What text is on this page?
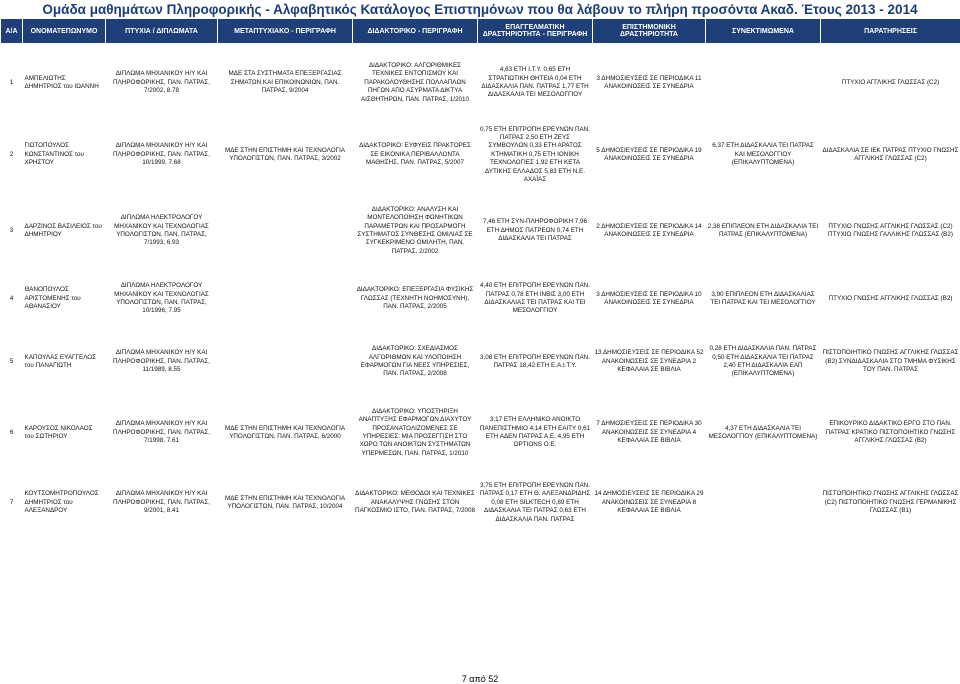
Ομάδα μαθημάτων Πληροφορικής - Αλφαβητικός Κατάλογος Επιστημόνων που θα λάβουν το πλήρη προσόντα Ακαδ. Έτους 2013 - 2014
Α/Α	ΟΝΟΜΑΤΕΠΩΝΥΜΟ	ΠΤΥΧΙΑ / ΔΙΠΛΩΜΑΤΑ	ΜΕΤΑΠΤΥΧΙΑΚΟ - ΠΕΡΙΓΡΑΦΗ	ΔΙΔΑΚΤΟΡΙΚΟ - ΠΕΡΙΓΡΑΦΗ	ΕΠΑΓΓΕΛΜΑΤΙΚΗ ΔΡΑΣΤΗΡΙΟΤΗΤΑ - ΠΕΡΙΓΡΑΦΗ	ΕΠΙΣΤΗΜΟΝΙΚΗ ΔΡΑΣΤΗΡΙΟΤΗΤΑ	ΣΥΝΕΚΤΙΜΩΜΕΝΑ	ΠΑΡΑΤΗΡΗΣΕΙΣ

1	ΑΜΠΕΛΙΩΤΗΣ ΔΗΜΗΤΡΙΟΣ του ΙΩΑΝΝΗ	ΔΙΠΛΩΜΑ ΜΗΧΑΝΙΚΟΥ Η/Υ ΚΑΙ ΠΛΗΡΟΦΟΡΙΚΗΣ, ΠΑΝ. ΠΑΤΡΑΣ, 7/2002, 8.78	ΜΔΕ ΣΤΑ ΣΥΣΤΗΜΑΤΑ ΕΠΕΞΕΡΓΑΣΙΑΣ ΣΗΜΑΤΩΝ ΚΑΙ ΕΠΙΚΟΙΝΩΝΙΩΝ, ΠΑΝ. ΠΑΤΡΑΣ, 9/2004	ΔΙΔΑΚΤΟΡΙΚΟ: ΑΛΓΟΡΙΘΜΙΚΕΣ ΤΕΧΝΙΚΕΣ ΕΝΤΟΠΙΣΜΟΥ ΚΑΙ ΠΑΡΑΚΟΛΟΥΘΗΣΗΣ ΠΟΛΛΑΠΛΩΝ ΠΗΓΩΝ ΑΠΟ ΑΣΥΡΜΑΤΑ ΔΙΚΤΥΑ ΑΙΣΘΗΤΗΡΩΝ, ΠΑΝ. ΠΑΤΡΑΣ, 1/2010	4,63 ΕΤΗ Ι.Τ.Υ. 0,65 ΕΤΗ ΣΤΡΑΤΙΩΤΙΚΗ ΘΗΤΕΙΑ 0,04 ΕΤΗ ΔΙΔΑΣΚΑΛΙΑ ΠΑΝ. ΠΑΤΡΑΣ 1,77 ΕΤΗ ΔΙΔΑΣΚΑΛΙΑ ΤΕΙ ΜΕΣΟΛΟΓΓΙΟΥ	3 ΔΗΜΟΣΙΕΥΣΕΙΣ ΣΕ ΠΕΡΙΟΔΙΚΑ 11 ΑΝΑΚΟΙΝΩΣΕΙΣ ΣΕ ΣΥΝΕΔΡΙΑ		ΠΤΥΧΙΟ ΑΓΓΛΙΚΗΣ ΓΛΩΣΣΑΣ (C2)

2	ΓΙΩΤΟΠΟΥΛΟΣ ΚΩΝΣΤΑΝΤΙΝΟΣ του ΧΡΗΣΤΟΥ	ΔΙΠΛΩΜΑ ΜΗΧΑΝΙΚΟΥ Η/Υ ΚΑΙ ΠΛΗΡΟΦΟΡΙΚΗΣ, ΠΑΝ. ΠΑΤΡΑΣ, 10/1999, 7.68	ΜΔΕ ΣΤΗΝ ΕΠΙΣΤΗΜΗ ΚΑΙ ΤΕΧΝΟΛΟΓΙΑ ΥΠΟΛΟΓΙΣΤΩΝ, ΠΑΝ. ΠΑΤΡΑΣ, 3/2002	ΔΙΔΑΚΤΟΡΙΚΟ: ΕΥΦΥΕΙΣ ΠΡΑΚΤΟΡΕΣ ΣΕ ΕΙΚΟΝΙΚΑ ΠΕΡΙΒΑΛΛΟΝΤΑ ΜΑΘΗΣΗΣ, ΠΑΝ. ΠΑΤΡΑΣ, 5/2007	0,75 ΕΤΗ ΕΠΙΤΡΟΠΗ ΕΡΕΥΝΩΝ ΠΑΝ. ΠΑΤΡΑΣ 2,50 ΕΤΗ ΖΕΥΣ ΣΥΜΒΟΥΛΩΝ 0,33 ΕΤΗ ΑΡΑΤΟΣ ΚΤΗΜΑΤΙΚΗ 0,75 ΕΤΗ ΙΟΝΙΚΗ ΤΕΧΝΟΛΟΓΙΕΣ 1,92 ΕΤΗ ΚΕΤΑ ΔΥΤΙΚΗΣ ΕΛΛΑΔΟΣ 5,83 ΕΤΗ Ν.Ε. ΑΧΑΪΑΣ	5 ΔΗΜΟΣΙΕΥΣΕΙΣ ΣΕ ΠΕΡΙΟΔΙΚΑ 19 ΑΝΑΚΟΙΝΩΣΕΙΣ ΣΕ ΣΥΝΕΔΡΙΑ	6,37 ΕΤΗ ΔΙΔΑΣΚΑΛΙΑ ΤΕΙ ΠΑΤΡΑΣ ΚΑΙ ΜΕΣΟΛΟΓΓΙΟΥ (ΕΠΙΚΑΛΥΠΤΟΜΕΝΑ)	ΔΙΔΑΣΚΑΛΙΑ ΣΕ ΙΕΚ ΠΑΤΡΑΣ ΠΤΥΧΙΟ ΓΝΩΣΗΣ ΑΓΓΛΙΚΗΣ ΓΛΩΣΣΑΣ (C2)

3	ΔΑΡΖΙΝΟΣ ΒΑΣΙΛΕΙΟΣ του ΔΗΜΗΤΡΙΟΥ	ΔΙΠΛΩΜΑ ΗΛΕΚΤΡΟΛΟΓΟΥ ΜΗΧΑΝΙΚΟΥ ΚΑΙ ΤΕΧΝΟΛΟΓΙΑΣ ΥΠΟΛΟΓΙΣΤΩΝ, ΠΑΝ. ΠΑΤΡΑΣ, 7/1993, 6.93		ΔΙΔΑΚΤΟΡΙΚΟ: ΑΝΑΛΥΣΗ ΚΑΙ ΜΟΝΤΕΛΟΠΟΙΗΣΗ ΦΩΝΗΤΙΚΩΝ ΠΑΡΑΜΕΤΡΩΝ ΚΑΙ ΠΡΟΣΑΡΜΟΓΗ ΣΥΣΤΗΜΑΤΟΣ ΣΥΝΘΕΣΗΣ ΟΜΙΛΙΑΣ ΣΕ ΣΥΓΚΕΚΡΙΜΕΝΟ ΟΜΙΛΗΤΗ, ΠΑΝ. ΠΑΤΡΑΣ, 2/2002	7,46 ΕΤΗ ΣΥΝ-ΠΛΗΡΟΦΟΡΙΚΗ 7,96 ΕΤΗ ΔΗΜΟΣ ΠΑΤΡΕΩΝ 0,74 ΕΤΗ ΔΙΔΑΣΚΑΛΙΑ ΤΕΙ ΠΑΤΡΑΣ	2 ΔΗΜΟΣΙΕΥΣΕΙΣ ΣΕ ΠΕΡΙΟΔΙΚΑ 14 ΑΝΑΚΟΙΝΩΣΕΙΣ ΣΕ ΣΥΝΕΔΡΙΑ	2,38 ΕΠΙΠΛΕΟΝ ΕΤΗ ΔΙΔΑΣΚΑΛΙΑ ΤΕΙ ΠΑΤΡΑΣ (ΕΠΙΚΑΛΥΠΤΟΜΕΝΑ)	ΠΤΥΧΙΟ ΓΝΩΣΗΣ ΑΓΓΛΙΚΗΣ ΓΛΩΣΣΑΣ (C2) ΠΤΥΧΙΟ ΓΝΩΣΗΣ ΓΑΛΛΙΚΗΣ ΓΛΩΣΣΑΣ (B2)

4	ΘΑΝΟΠΟΥΛΟΣ ΑΡΙΣΤΟΜΕΝΗΣ του ΑΘΑΝΑΣΙΟΥ	ΔΙΠΛΩΜΑ ΗΛΕΚΤΡΟΛΟΓΟΥ ΜΗΧΑΝΙΚΟΥ ΚΑΙ ΤΕΧΝΟΛΟΓΙΑΣ ΥΠΟΛΟΓΙΣΤΩΝ, ΠΑΝ. ΠΑΤΡΑΣ, 10/1996, 7.95		ΔΙΔΑΚΤΟΡΙΚΟ: ΕΠΕΞΕΡΓΑΣΙΑ ΦΥΣΙΚΗΣ ΓΛΩΣΣΑΣ (ΤΕΧΝΗΤΗ ΝΟΗΜΟΣΥΝΗ), ΠΑΝ. ΠΑΤΡΑΣ, 2/2005	4,40 ΕΤΗ ΕΠΙΤΡΟΠΗ ΕΡΕΥΝΩΝ ΠΑΝ. ΠΑΤΡΑΣ 0,78 ΕΤΗ ΙΝΒΙΣ 3,00 ΕΤΗ ΔΙΔΑΣΚΑΛΙΑΣ ΤΕΙ ΠΑΤΡΑΣ ΚΑΙ ΤΕΙ ΜΕΣΟΛΟΓΓΙΟΥ	3 ΔΗΜΟΣΙΕΥΣΕΙΣ ΣΕ ΠΕΡΙΟΔΙΚΑ 10 ΑΝΑΚΟΙΝΩΣΕΙΣ ΣΕ ΣΥΝΕΔΡΙΑ	3,90 ΕΠΙΠΛΕΟΝ ΕΤΗ ΔΙΔΑΣΚΑΛΙΑΣ ΤΕΙ ΠΑΤΡΑΣ ΚΑΙ ΤΕΙ ΜΕΣΟΛΟΓΓΙΟΥ	ΠΤΥΧΙΟ ΓΝΩΣΗΣ ΑΓΓΛΙΚΗΣ ΓΛΩΣΣΑΣ (B2)

5	ΚΑΠΟΥΛΑΣ ΕΥΑΓΓΕΛΟΣ του ΠΑΝΑΓΙΩΤΗ	ΔΙΠΛΩΜΑ ΜΗΧΑΝΙΚΟΥ Η/Υ ΚΑΙ ΠΛΗΡΟΦΟΡΙΚΗΣ, ΠΑΝ. ΠΑΤΡΑΣ, 11/1989, 8.55		ΔΙΔΑΚΤΟΡΙΚΟ: ΣΧΕΔΙΑΣΜΟΣ ΑΛΓΟΡΙΘΜΩΝ ΚΑΙ ΥΛΟΠΟΙΗΣΗ ΕΦΑΡΜΟΓΩΝ ΓΙΑ ΝΕΕΣ ΥΠΗΡΕΣΙΕΣ, ΠΑΝ. ΠΑΤΡΑΣ, 2/2008	3,08 ΕΤΗ ΕΠΙΤΡΟΠΗ ΕΡΕΥΝΩΝ ΠΑΝ. ΠΑΤΡΑΣ 18,42 ΕΤΗ Ε.Α.Ι.Τ.Υ.	13 ΔΗΜΟΣΙΕΥΣΕΙΣ ΣΕ ΠΕΡΙΟΔΙΚΑ 52 ΑΝΑΚΟΙΝΩΣΕΙΣ ΣΕ ΣΥΝΕΔΡΙΑ 2 ΚΕΦΑΛΑΙΑ ΣΕ ΒΙΒΛΙΑ	0,28 ΕΤΗ ΔΙΔΑΣΚΑΛΙΑ ΠΑΝ. ΠΑΤΡΑΣ 0,50 ΕΤΗ ΔΙΔΑΣΚΑΛΙΑ ΤΕΙ ΠΑΤΡΑΣ 2,40 ΕΤΗ ΔΙΔΑΣΚΑΛΙΑ ΕΑΠ (ΕΠΙΚΑΛΥΠΤΟΜΕΝΑ)	ΠΙΣΤΟΠΟΙΗΤΙΚΟ ΓΝΩΣΗΣ ΑΓΓΛΙΚΗΣ ΓΛΩΣΣΑΣ (B2) ΣΥΝΔΙΔΑΣΚΑΛΙΑ ΣΤΟ ΤΜΗΜΑ ΦΥΣΙΚΗΣ ΤΟΥ ΠΑΝ. ΠΑΤΡΑΣ

6	ΚΑΡΟΥΣΟΣ ΝΙΚΟΛΑΟΣ του ΣΩΤΗΡΙΟΥ	ΔΙΠΛΩΜΑ ΜΗΧΑΝΙΚΟΥ Η/Υ ΚΑΙ ΠΛΗΡΟΦΟΡΙΚΗΣ, ΠΑΝ. ΠΑΤΡΑΣ, 7/1998, 7.61	ΜΔΕ ΣΤΗΝ ΕΠΙΣΤΗΜΗ ΚΑΙ ΤΕΧΝΟΛΟΓΙΑ ΥΠΟΛΟΓΙΣΤΩΝ, ΠΑΝ. ΠΑΤΡΑΣ, 6/2000	ΔΙΔΑΚΤΟΡΙΚΟ: ΥΠΟΣΤΗΡΙΞΗ ΑΝΑΠΤΥΞΗΣ ΕΦΑΡΜΟΓΩΝ ΔΙΑΧΥΤΟΥ ΠΡΟΣΑΝΑΤΟΛΙΖΟΜΕΝΕΣ ΣΕ ΥΠΗΡΕΣΙΕΣ: ΜΙΑ ΠΡΟΣΕΓΓΙΣΗ ΣΤΟ ΧΩΡΟ ΤΩΝ ΑΝΟΙΚΤΩΝ ΣΥΣΤΗΜΑΤΩΝ ΥΠΕΡΜΕΣΩΝ, ΠΑΝ. ΠΑΤΡΑΣ, 1/2010	3,17 ΕΤΗ ΕΛΛΗΝΙΚΟ ΑΝΟΙΚΤΟ ΠΑΝΕΠΙΣΤΗΜΙΟ 4,14 ΕΤΗ ΕΑΙΤΥ 0,61 ΕΤΗ ΑΔΕΝ ΠΑΤΡΑΣ Α.Ε. 4,95 ΕΤΗ OPTIONS Ο.Ε.	7 ΔΗΜΟΣΙΕΥΣΕΙΣ ΣΕ ΠΕΡΙΟΔΙΚΑ 30 ΑΝΑΚΟΙΝΩΣΕΙΣ ΣΕ ΣΥΝΕΔΡΙΑ 4 ΚΕΦΑΛΑΙΑ ΣΕ ΒΙΒΛΙΑ	4,37 ΕΤΗ ΔΙΔΑΣΚΑΛΙΑ ΤΕΙ ΜΕΣΟΛΟΓΓΙΟΥ (ΕΠΙΚΑΛΥΠΤΟΜΕΝΑ)	ΕΠΙΚΟΥΡΙΚΟ ΔΙΔΑΚΤΙΚΟ ΕΡΓΟ ΣΤΟ ΠΑΝ. ΠΑΤΡΑΣ ΚΡΑΤΙΚΟ ΠΙΣΤΟΠΟΙΗΤΙΚΟ ΓΝΩΣΗΣ ΑΓΓΛΙΚΗΣ ΓΛΩΣΣΑΣ (B2)

7	ΚΟΥΤΣΟΜΗΤΡΟΠΟΥΛΟΣ ΔΗΜΗΤΡΙΟΣ του ΑΛΕΞΑΝΔΡΟΥ	ΔΙΠΛΩΜΑ ΜΗΧΑΝΙΚΟΥ Η/Υ ΚΑΙ ΠΛΗΡΟΦΟΡΙΚΗΣ, ΠΑΝ. ΠΑΤΡΑΣ, 9/2001, 8.41	ΜΔΕ ΣΤΗΝ ΕΠΙΣΤΗΜΗ ΚΑΙ ΤΕΧΝΟΛΟΓΙΑ ΥΠΟΛΟΓΙΣΤΩΝ, ΠΑΝ. ΠΑΤΡΑΣ, 10/2004	ΔΙΔΑΚΤΟΡΙΚΟ: ΜΕΘΟΔΟΙ ΚΑΙ ΤΕΧΝΙΚΕΣ ΑΝΑΚΑΛΥΨΗΣ ΓΝΩΣΗΣ ΣΤΟΝ ΠΑΓΚΟΣΜΙΟ ΙΣΤΟ, ΠΑΝ. ΠΑΤΡΑΣ, 7/2008	3,75 ΕΤΗ ΕΠΙΤΡΟΠΗ ΕΡΕΥΝΩΝ ΠΑΝ. ΠΑΤΡΑΣ 0,17 ΕΤΗ Θ. ΑΛΕΞΑΝΔΡΙΔΗΣ 0,08 ΕΤΗ SILKTECH 0,89 ΕΤΗ ΔΙΔΑΣΚΑΛΙΑ ΤΕΙ ΠΑΤΡΑΣ 0,63 ΕΤΗ ΔΙΔΑΣΚΑΛΙΑ ΠΑΝ. ΠΑΤΡΑΣ	14 ΔΗΜΟΣΙΕΥΣΕΙΣ ΣΕ ΠΕΡΙΟΔΙΚΑ 29 ΑΝΑΚΟΙΝΩΣΕΙΣ ΣΕ ΣΥΝΕΔΡΙΑ 8 ΚΕΦΑΛΑΙΑ ΣΕ ΒΙΒΛΙΑ		ΠΙΣΤΟΠΟΙΗΤΙΚΟ ΓΝΩΣΗΣ ΑΓΓΛΙΚΗΣ ΓΛΩΣΣΑΣ (C2) ΠΙΣΤΟΠΟΙΗΤΙΚΟ ΓΝΩΣΗΣ ΓΕΡΜΑΝΙΚΗΣ ΓΛΩΣΣΑΣ (B1)
7 από 52
